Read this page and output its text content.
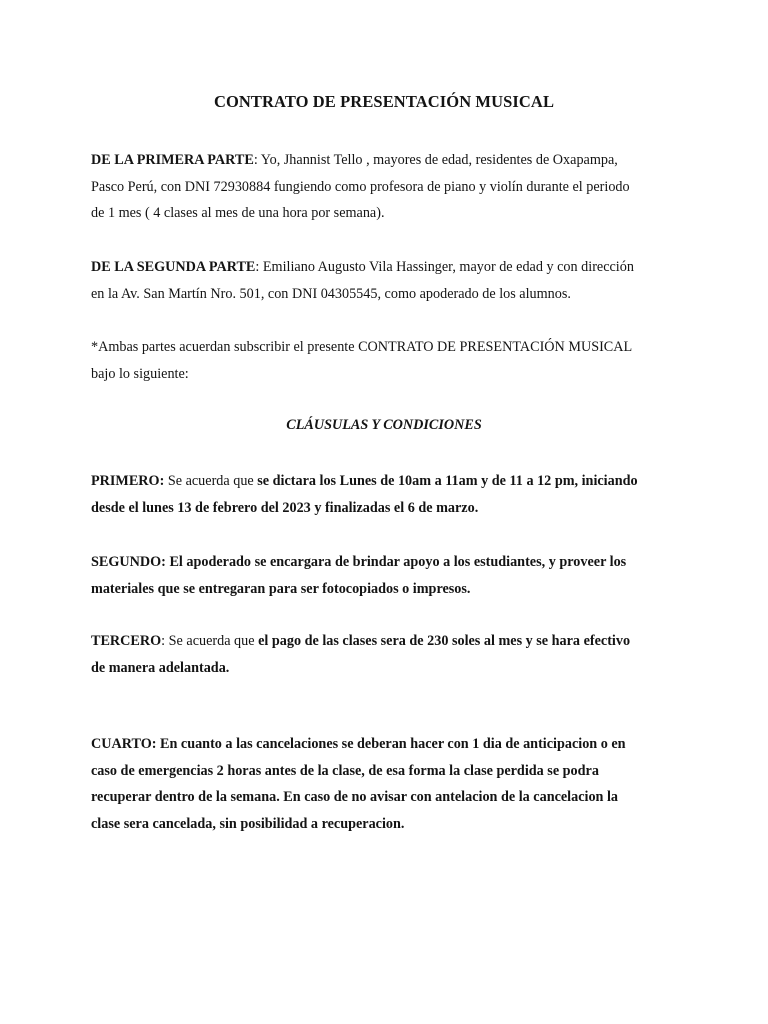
CONTRATO DE PRESENTACIÓN MUSICAL

DE LA PRIMERA PARTE: Yo, Jhannist Tello , mayores de edad, residentes de Oxapampa,
Pasco Perú, con DNI 72930884 fungiendo como profesora de piano y violín durante el periodo
de 1 mes ( 4 clases al mes de una hora por semana).

DE LA SEGUNDA PARTE: Emiliano Augusto Vila Hassinger, mayor de edad y con dirección
en la Av. San Martín Nro. 501, con DNI 04305545, como apoderado de los alumnos.

*Ambas partes acuerdan subscribir el presente CONTRATO DE PRESENTACIÓN MUSICAL
bajo lo siguiente:

CLÁUSULAS Y CONDICIONES

PRIMERO: Se acuerda que se dictara los Lunes de 10am a 11am y de 11 a 12 pm, iniciando
desde el lunes 13 de febrero del 2023 y finalizadas el 6 de marzo.

SEGUNDO: El apoderado se encargara de brindar apoyo a los estudiantes, y proveer los
materiales que se entregaran para ser fotocopiados o impresos.

TERCERO: Se acuerda que el pago de las clases sera de 230 soles al mes y se hara efectivo
de manera adelantada.

CUARTO: En cuanto a las cancelaciones se deberan hacer con 1 dia de anticipacion o en
caso de emergencias 2 horas antes de la clase, de esa forma la clase perdida se podra
recuperar dentro de la semana. En caso de no avisar con antelacion de la cancelacion la
clase sera cancelada, sin posibilidad a recuperacion.
